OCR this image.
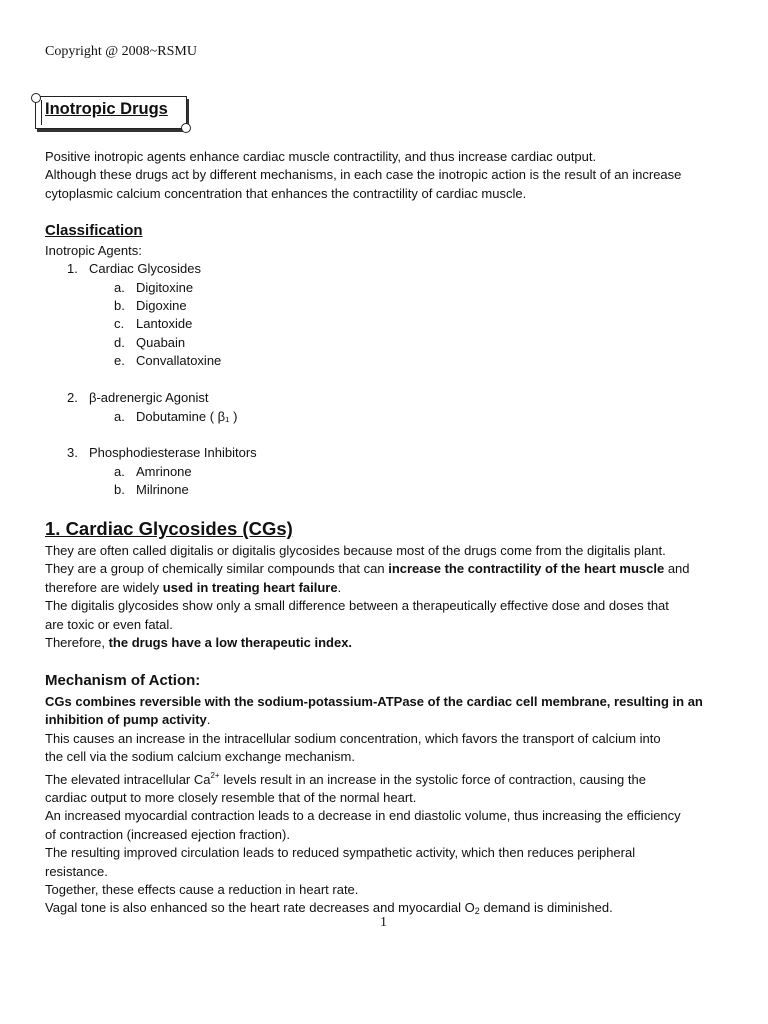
Copyright @ 2008~RSMU
Inotropic Drugs

Positive inotropic agents enhance cardiac muscle contractility, and thus increase cardiac output.

Although these drugs act by different mechanisms, in each case the inotropic action is the result of an increase

cytoplasmic calcium concentration that enhances the contractility of cardiac muscle.

Classification
Inotropic Agents:
1. Cardiac Glycosides
a. Digitoxine
b. Digoxine
c. Lantoxide
d. Quabain
e. Convallatoxine
2. β-adrenergic Agonist
a. Dobutamine ( β₁ )
3. Phosphodiesterase Inhibitors
a. Amrinone
b. Milrinone
1. Cardiac Glycosides (CGs)

They are often called digitalis or digitalis glycosides because most of the drugs come from the digitalis plant.

They are a group of chemically similar compounds that can increase the contractility of the heart muscle and

therefore are widely used in treating heart failure.

The digitalis glycosides show only a small difference between a therapeutically effective dose and doses that

are toxic or even fatal.

Therefore, the drugs have a low therapeutic index.

Mechanism of Action:

CGs combines reversible with the sodium-potassium-ATPase of the cardiac cell membrane, resulting in an

inhibition of pump activity.

This causes an increase in the intracellular sodium concentration, which favors the transport of calcium into

the cell via the sodium calcium exchange mechanism.

The elevated intracellular $Ca^{2+}$ levels result in an increase in the systolic force of contraction, causing the

cardiac output to more closely resemble that of the normal heart.

An increased myocardial contraction leads to a decrease in end diastolic volume, thus increasing the efficiency

of contraction (increased ejection fraction).

The resulting improved circulation leads to reduced sympathetic activity, which then reduces peripheral

resistance.

Together, these effects cause a reduction in heart rate.

Vagal tone is also enhanced so the heart rate decreases and myocardial $O_2$ demand is diminished.

1
